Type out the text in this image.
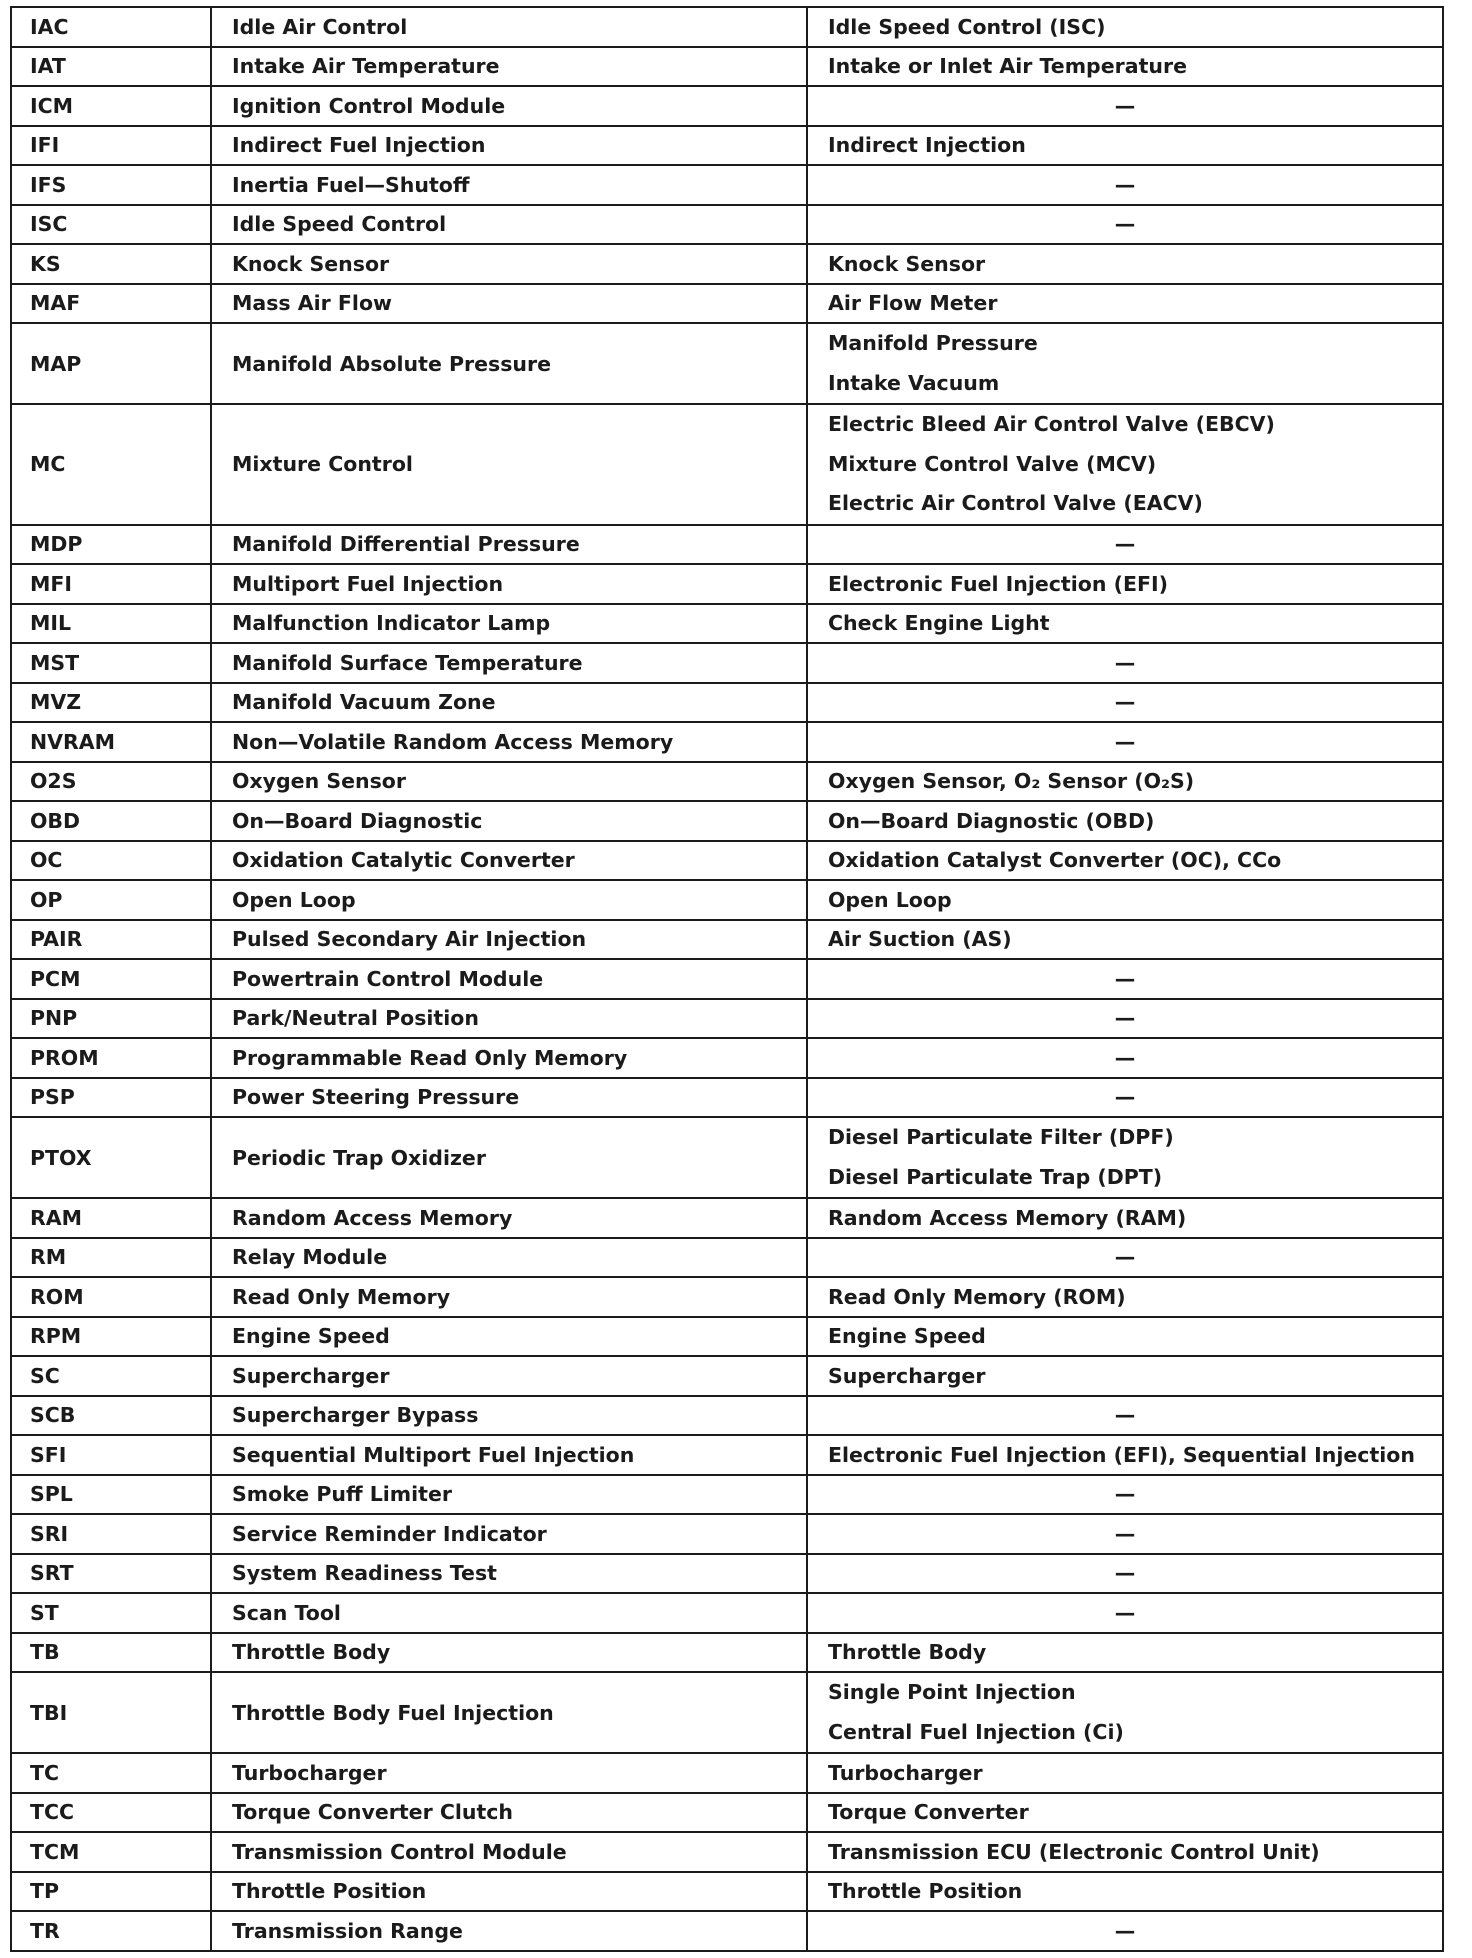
IAC	Idle Air Control	Idle Speed Control (ISC)
IAT	Intake Air Temperature	Intake or Inlet Air Temperature
ICM	Ignition Control Module	—
IFI	Indirect Fuel Injection	Indirect Injection
IFS	Inertia Fuel—Shutoff	—
ISC	Idle Speed Control	—
KS	Knock Sensor	Knock Sensor
MAF	Mass Air Flow	Air Flow Meter
MAP	Manifold Absolute Pressure	Manifold Pressure
Intake Vacuum

MC	Mixture Control	Electric Bleed Air Control Valve (EBCV)
Mixture Control Valve (MCV)
Electric Air Control Valve (EACV)

MDP	Manifold Differential Pressure	—
MFI	Multiport Fuel Injection	Electronic Fuel Injection (EFI)
MIL	Malfunction Indicator Lamp	Check Engine Light
MST	Manifold Surface Temperature	—
MVZ	Manifold Vacuum Zone	—
NVRAM	Non—Volatile Random Access Memory	—
O2S	Oxygen Sensor	Oxygen Sensor, O₂ Sensor (O₂S)
OBD	On—Board Diagnostic	On—Board Diagnostic (OBD)
OC	Oxidation Catalytic Converter	Oxidation Catalyst Converter (OC), CCo
OP	Open Loop	Open Loop
PAIR	Pulsed Secondary Air Injection	Air Suction (AS)
PCM	Powertrain Control Module	—
PNP	Park/Neutral Position	—
PROM	Programmable Read Only Memory	—
PSP	Power Steering Pressure	—
PTOX	Periodic Trap Oxidizer	Diesel Particulate Filter (DPF)
Diesel Particulate Trap (DPT)

RAM	Random Access Memory	Random Access Memory (RAM)
RM	Relay Module	—
ROM	Read Only Memory	Read Only Memory (ROM)
RPM	Engine Speed	Engine Speed
SC	Supercharger	Supercharger
SCB	Supercharger Bypass	—
SFI	Sequential Multiport Fuel Injection	Electronic Fuel Injection (EFI), Sequential Injection
SPL	Smoke Puff Limiter	—
SRI	Service Reminder Indicator	—
SRT	System Readiness Test	—
ST	Scan Tool	—
TB	Throttle Body	Throttle Body
TBI	Throttle Body Fuel Injection	Single Point Injection
Central Fuel Injection (Ci)

TC	Turbocharger	Turbocharger
TCC	Torque Converter Clutch	Torque Converter
TCM	Transmission Control Module	Transmission ECU (Electronic Control Unit)
TP	Throttle Position	Throttle Position
TR	Transmission Range	—
